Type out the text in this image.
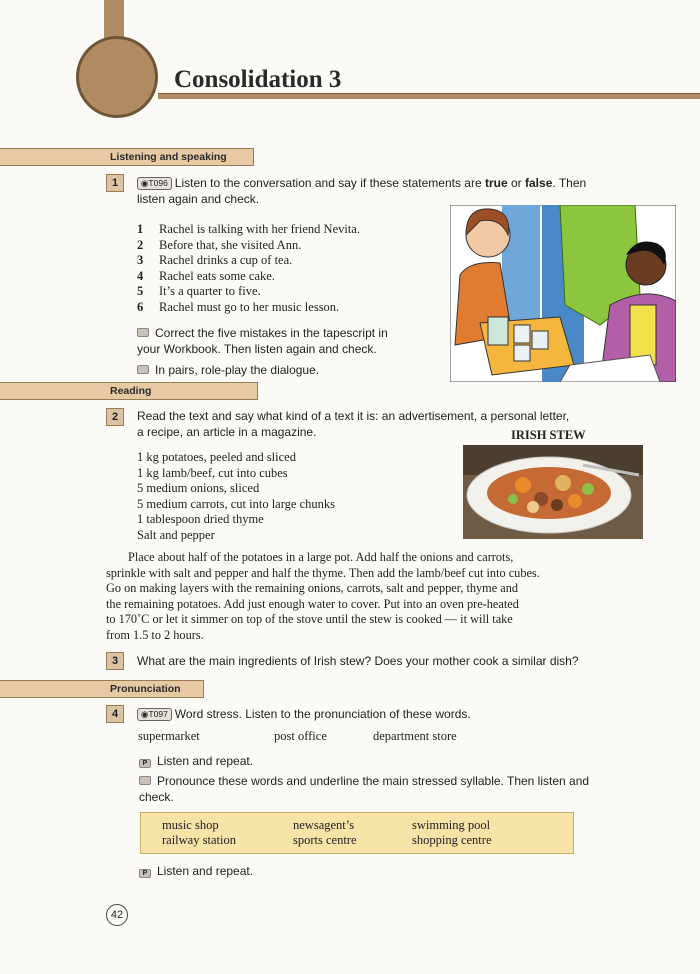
Consolidation 3
Listening and speaking
1	◉T096 Listen to the conversation and say if these statements are true or false. Then
listen again and check.
1 Rachel is talking with her friend Nevita.
2 Before that, she visited Ann.
3 Rachel drinks a cup of tea.
4 Rachel eats some cake.
5 It’s a quarter to five.
6 Rachel must go to her music lesson.
Correct the five mistakes in the tapescript in
your Workbook. Then listen again and check.
In pairs, role-play the dialogue.
Reading
2	Read the text and say what kind of a text it is: an advertisement, a personal letter,
a recipe, an article in a magazine.	IRISH STEW
1 kg potatoes, peeled and sliced
1 kg lamb/beef, cut into cubes
5 medium onions, sliced
5 medium carrots, cut into large chunks
1 tablespoon dried thyme
Salt and pepper
Place about half of the potatoes in a large pot. Add half the onions and carrots,
sprinkle with salt and pepper and half the thyme. Then add the lamb/beef cut into cubes.
Go on making layers with the remaining onions, carrots, salt and pepper, thyme and
the remaining potatoes. Add just enough water to cover. Put into an oven pre-heated
to 170˚C or let it simmer on top of the stove until the stew is cooked — it will take
from 1.5 to 2 hours.
3	What are the main ingredients of Irish stew? Does your mother cook a similar dish?
Pronunciation
4	◉T097 Word stress. Listen to the pronunciation of these words.
supermarket	post office	department store
P Listen and repeat.
Pronounce these words and underline the main stressed syllable. Then listen and
check.
music shop	newsagent’s	swimming pool
railway station	sports centre	shopping centre
P Listen and repeat.
42
